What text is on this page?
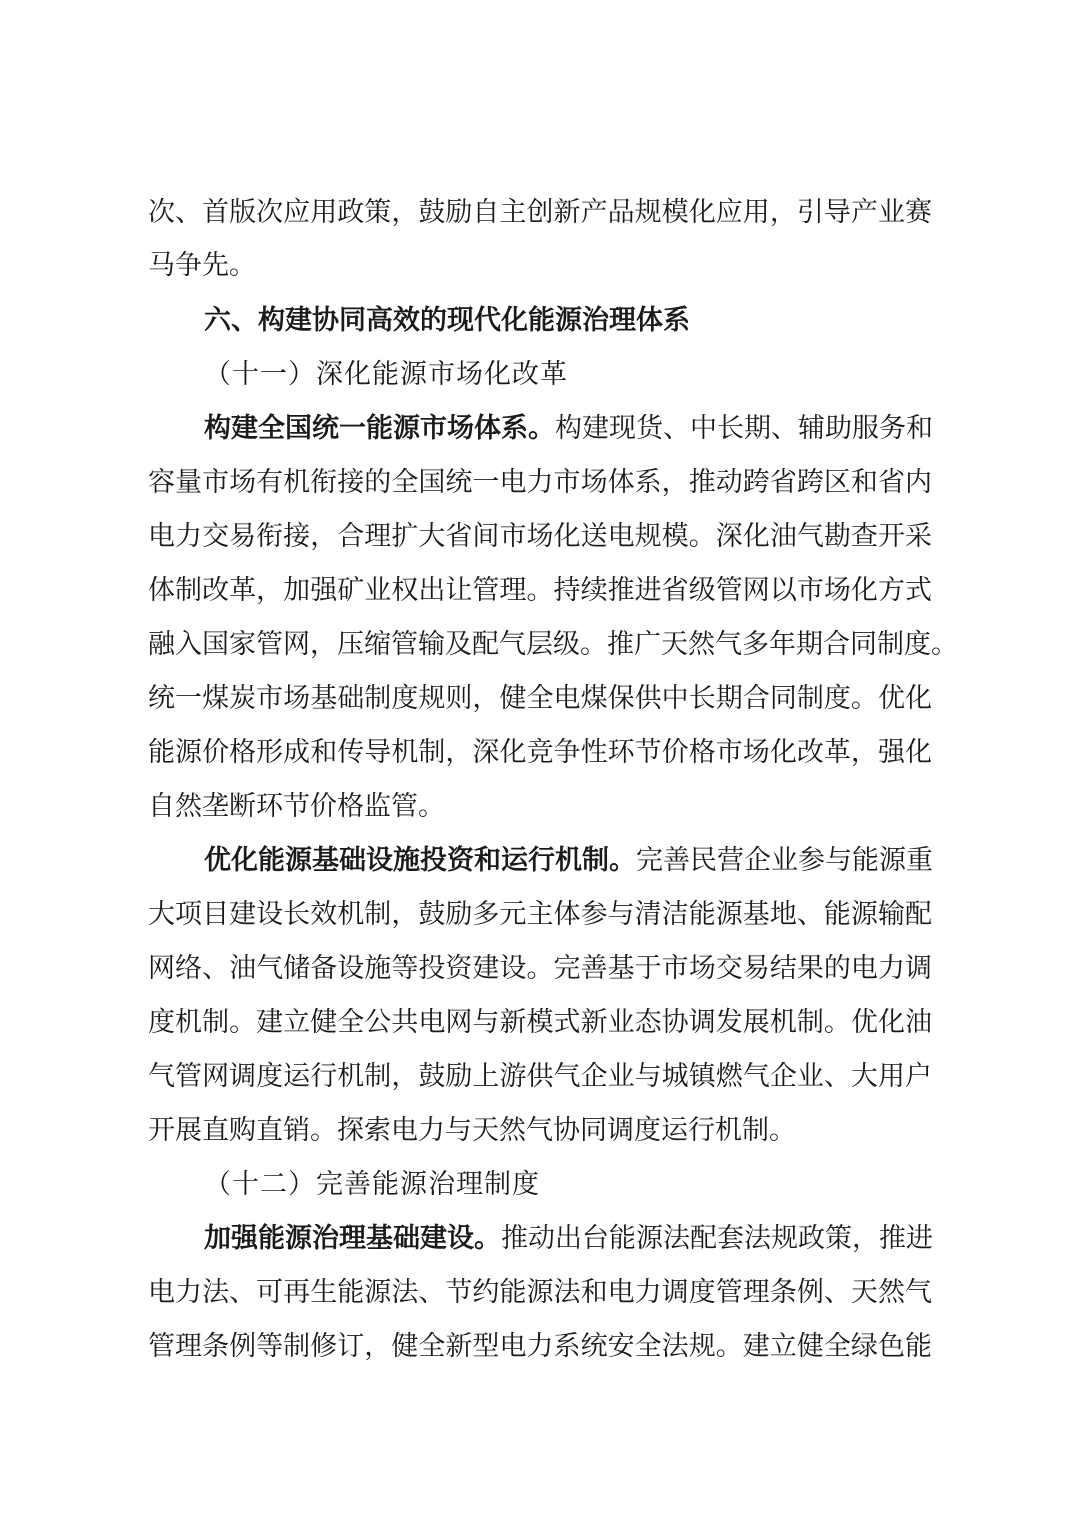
次、首版次应用政策，鼓励自主创新产品规模化应用，引导产业赛
马争先。
六、构建协同高效的现代化能源治理体系
（十一）深化能源市场化改革
构建全国统一能源市场体系。构建现货、中长期、辅助服务和
容量市场有机衔接的全国统一电力市场体系，推动跨省跨区和省内
电力交易衔接，合理扩大省间市场化送电规模。深化油气勘查开采
体制改革，加强矿业权出让管理。持续推进省级管网以市场化方式
融入国家管网，压缩管输及配气层级。推广天然气多年期合同制度。
统一煤炭市场基础制度规则，健全电煤保供中长期合同制度。优化
能源价格形成和传导机制，深化竞争性环节价格市场化改革，强化
自然垄断环节价格监管。
优化能源基础设施投资和运行机制。完善民营企业参与能源重
大项目建设长效机制，鼓励多元主体参与清洁能源基地、能源输配
网络、油气储备设施等投资建设。完善基于市场交易结果的电力调
度机制。建立健全公共电网与新模式新业态协调发展机制。优化油
气管网调度运行机制，鼓励上游供气企业与城镇燃气企业、大用户
开展直购直销。探索电力与天然气协同调度运行机制。
（十二）完善能源治理制度
加强能源治理基础建设。推动出台能源法配套法规政策，推进
电力法、可再生能源法、节约能源法和电力调度管理条例、天然气
管理条例等制修订，健全新型电力系统安全法规。建立健全绿色能
